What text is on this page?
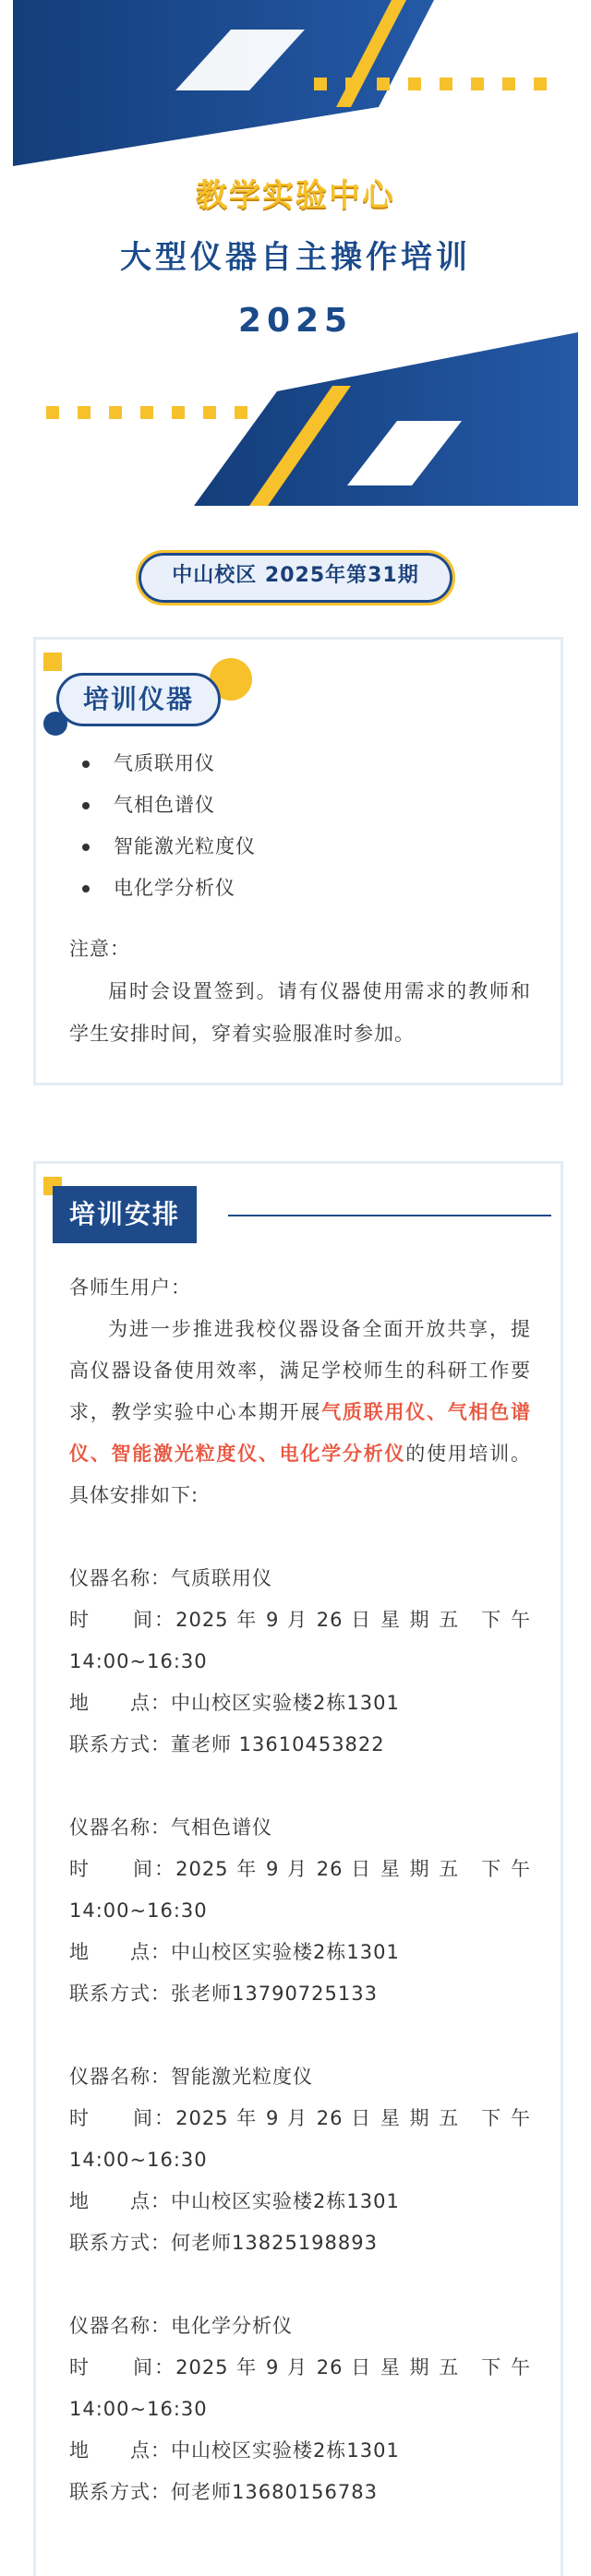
教学实验中心
大型仪器自主操作培训
2025
中山校区 2025年第31期
培训仪器
气质联用仪
气相色谱仪
智能激光粒度仪
电化学分析仪

注意：

届时会设置签到。请有仪器使用需求的教师和学生安排时间，穿着实验服准时参加。

培训安排

各师生用户：

为进一步推进我校仪器设备全面开放共享，提高仪器设备使用效率，满足学校师生的科研工作要求，教学实验中心本期开展气质联用仪、气相色谱仪、智能激光粒度仪、电化学分析仪的使用培训。具体安排如下:

仪器名称：气质联用仪

时　　间：2025 年 9 月 26 日 星 期 五　下 午

14:00~16:30

地　　点：中山校区实验楼2栋1301

联系方式：董老师 13610453822

仪器名称：气相色谱仪

时　　间：2025 年 9 月 26 日 星 期 五　下 午

14:00~16:30

地　　点：中山校区实验楼2栋1301

联系方式：张老师13790725133

仪器名称：智能激光粒度仪

时　　间：2025 年 9 月 26 日 星 期 五　下 午

14:00~16:30

地　　点：中山校区实验楼2栋1301

联系方式：何老师13825198893

仪器名称：电化学分析仪

时　　间：2025 年 9 月 26 日 星 期 五　下 午

14:00~16:30

地　　点：中山校区实验楼2栋1301

联系方式：何老师13680156783
